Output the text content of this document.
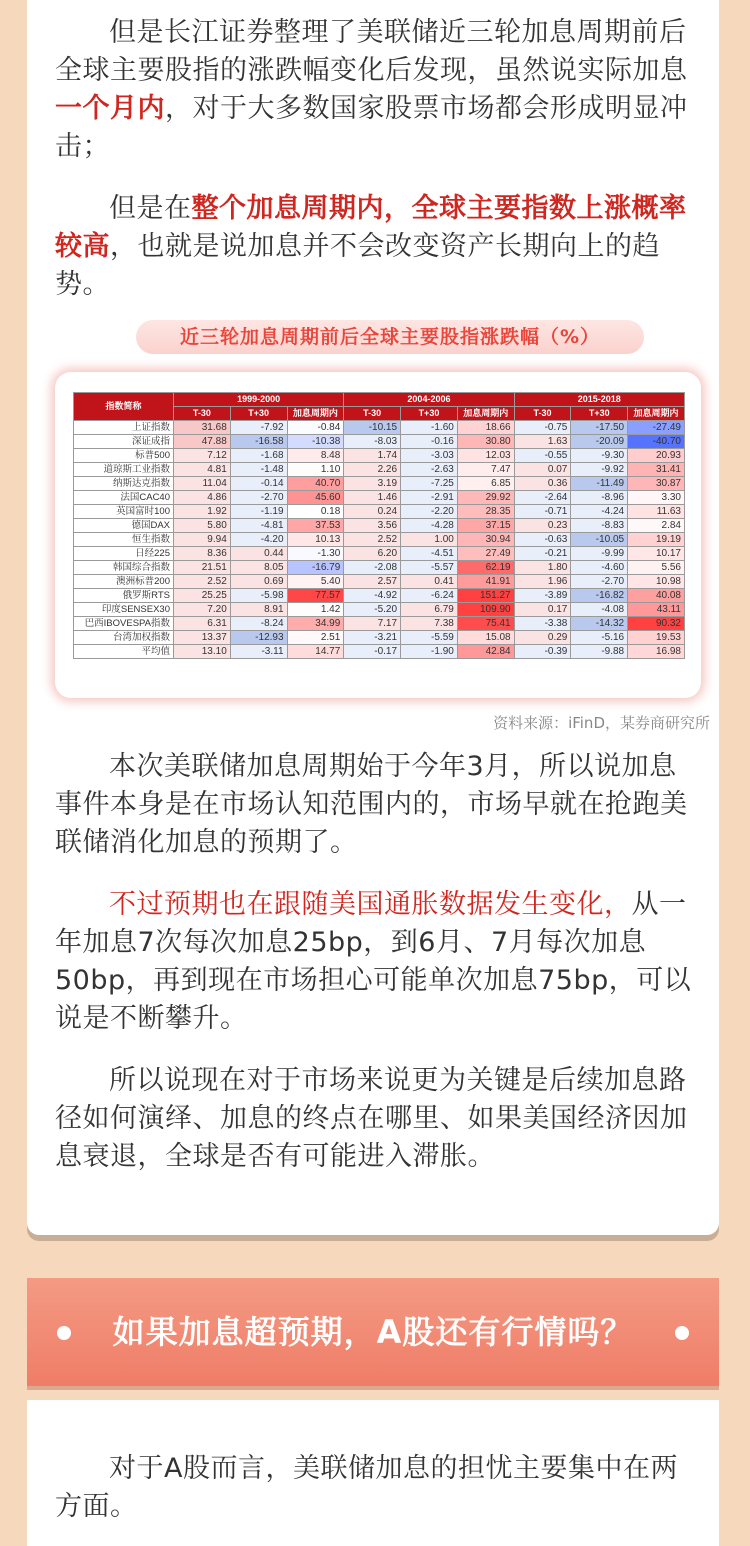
但是长江证券整理了美联储近三轮加息周期前后全球主要股指的涨跌幅变化后发现，虽然说实际加息一个月内，对于大多数国家股票市场都会形成明显冲击；

但是在整个加息周期内，全球主要指数上涨概率较高，也就是说加息并不会改变资产长期向上的趋势。

近三轮加息周期前后全球主要股指涨跌幅（%）
指数简称	1999-2000			2004-2006			2015-2018		
	T-30	T+30	加息周期内	T-30	T+30	加息周期内	T-30	T+30	加息周期内
上证指数	31.68	-7.92	-0.84	-10.15	-1.60	18.66	-0.75	-17.50	-27.49
深证成指	47.88	-16.58	-10.38	-8.03	-0.16	30.80	1.63	-20.09	-40.70
标普500	7.12	-1.68	8.48	1.74	-3.03	12.03	-0.55	-9.30	20.93
道琼斯工业指数	4.81	-1.48	1.10	2.26	-2.63	7.47	0.07	-9.92	31.41
纳斯达克指数	11.04	-0.14	40.70	3.19	-7.25	6.85	0.36	-11.49	30.87
法国CAC40	4.86	-2.70	45.60	1.46	-2.91	29.92	-2.64	-8.96	3.30
英国富时100	1.92	-1.19	0.18	0.24	-2.20	28.35	-0.71	-4.24	11.63
德国DAX	5.80	-4.81	37.53	3.56	-4.28	37.15	0.23	-8.83	2.84
恒生指数	9.94	-4.20	10.13	2.52	1.00	30.94	-0.63	-10.05	19.19
日经225	8.36	0.44	-1.30	6.20	-4.51	27.49	-0.21	-9.99	10.17
韩国综合指数	21.51	8.05	-16.79	-2.08	-5.57	62.19	1.80	-4.60	5.56
澳洲标普200	2.52	0.69	5.40	2.57	0.41	41.91	1.96	-2.70	10.98
俄罗斯RTS	25.25	-5.98	77.57	-4.92	-6.24	151.27	-3.89	-16.82	40.08
印度SENSEX30	7.20	8.91	1.42	-5.20	6.79	109.90	0.17	-4.08	43.11
巴西IBOVESPA指数	6.31	-8.24	34.99	7.17	7.38	75.41	-3.38	-14.32	90.32
台湾加权指数	13.37	-12.93	2.51	-3.21	-5.59	15.08	0.29	-5.16	19.53
平均值	13.10	-3.11	14.77	-0.17	-1.90	42.84	-0.39	-9.88	16.98
资料来源：iFinD，某券商研究所

本次美联储加息周期始于今年3月，所以说加息事件本身是在市场认知范围内的，市场早就在抢跑美联储消化加息的预期了。

不过预期也在跟随美国通胀数据发生变化，从一年加息7次每次加息25bp，到6月、7月每次加息50bp，再到现在市场担心可能单次加息75bp，可以说是不断攀升。

所以说现在对于市场来说更为关键是后续加息路径如何演绎、加息的终点在哪里、如果美国经济因加息衰退，全球是否有可能进入滞胀。

如果加息超预期，A股还有行情吗？

对于A股而言，美联储加息的担忧主要集中在两方面。
